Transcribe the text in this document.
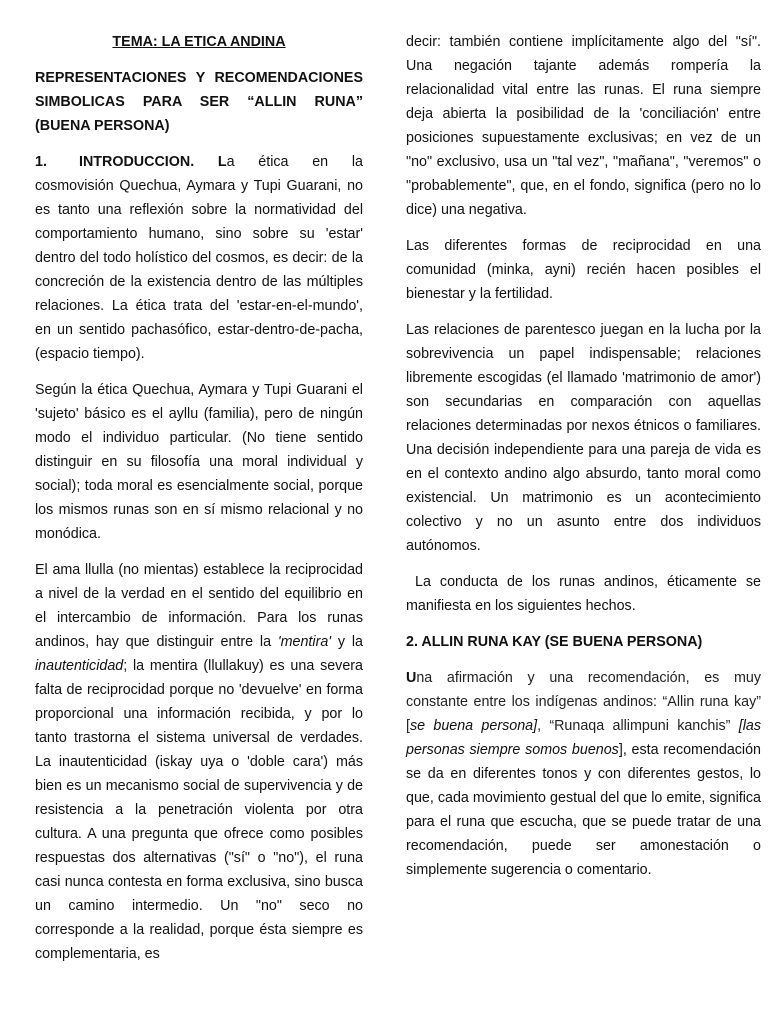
TEMA: LA ETICA ANDINA

REPRESENTACIONES Y RECOMENDACIONES SIMBOLICAS PARA SER “ALLIN RUNA” (BUENA PERSONA)

1. INTRODUCCION. La ética en la cosmovisión Quechua, Aymara y Tupi Guarani, no es tanto una reflexión sobre la normatividad del comportamiento humano, sino sobre su 'estar' dentro del todo holístico del cosmos, es decir: de la concreción de la existencia dentro de las múltiples relaciones. La ética trata del 'estar-en-el-mundo', en un sentido pachasófico, estar-dentro-de-pacha, (espacio tiempo).

Según la ética Quechua, Aymara y Tupi Guarani el 'sujeto' básico es el ayllu (familia), pero de ningún modo el individuo particular. (No tiene sentido distinguir en su filosofía una moral individual y social); toda moral es esencialmente social, porque los mismos runas son en sí mismo relacional y no monódica.

El ama llulla (no mientas) establece la reciprocidad a nivel de la verdad en el sentido del equilibrio en el intercambio de información. Para los runas andinos, hay que distinguir entre la 'mentira' y la inautenticidad; la mentira (llullakuy) es una severa falta de reciprocidad porque no 'devuelve' en forma proporcional una información recibida, y por lo tanto trastorna el sistema universal de verdades. La inautenticidad (iskay uya o 'doble cara') más bien es un mecanismo social de supervivencia y de resistencia a la penetración violenta por otra cultura. A una pregunta que ofrece como posibles respuestas dos alternativas ("sí" o "no"), el runa casi nunca contesta en forma exclusiva, sino busca un camino intermedio. Un "no" seco no corresponde a la realidad, porque ésta siempre es complementaria, es

decir: también contiene implícitamente algo del "sí". Una negación tajante además rompería la relacionalidad vital entre las runas. El runa siempre deja abierta la posibilidad de la 'conciliación' entre posiciones supuestamente exclusivas; en vez de un "no" exclusivo, usa un "tal vez", "mañana", "veremos" o "probablemente", que, en el fondo, significa (pero no lo dice) una negativa.

Las diferentes formas de reciprocidad en una comunidad (minka, ayni) recién hacen posibles el bienestar y la fertilidad.

Las relaciones de parentesco juegan en la lucha por la sobrevivencia un papel indispensable; relaciones libremente escogidas (el llamado 'matrimonio de amor') son secundarias en comparación con aquellas relaciones determinadas por nexos étnicos o familiares. Una decisión independiente para una pareja de vida es en el contexto andino algo absurdo, tanto moral como existencial. Un matrimonio es un acontecimiento colectivo y no un asunto entre dos individuos autónomos.

La conducta de los runas andinos, éticamente se manifiesta en los siguientes hechos.

2. ALLIN RUNA KAY (SE BUENA PERSONA)

Una afirmación y una recomendación, es muy constante entre los indígenas andinos: “Allin runa kay” [se buena persona], “Runaqa allimpuni kanchis” [las personas siempre somos buenos], esta recomendación se da en diferentes tonos y con diferentes gestos, lo que, cada movimiento gestual del que lo emite, significa para el runa que escucha, que se puede tratar de una recomendación, puede ser amonestación o simplemente sugerencia o comentario.
